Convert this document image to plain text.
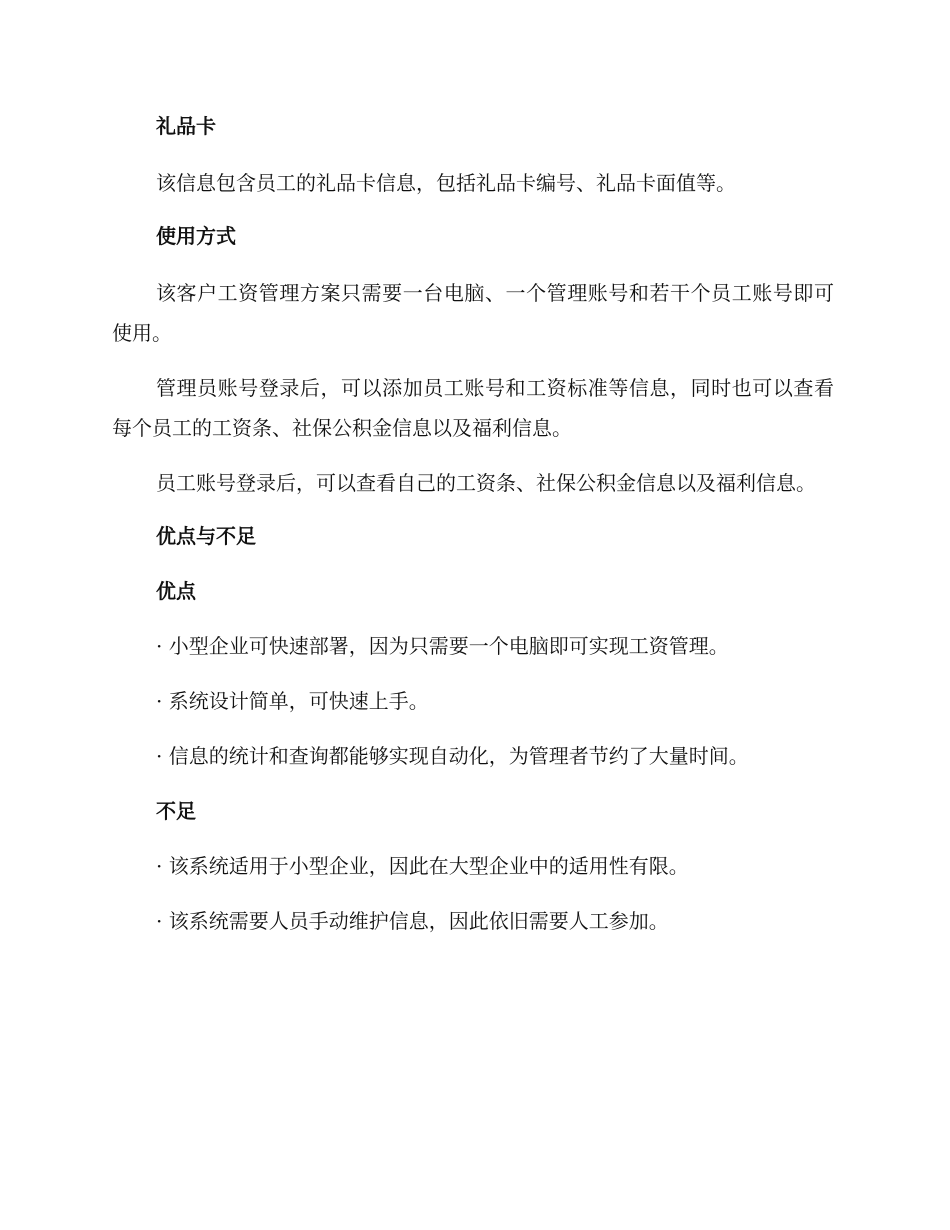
礼品卡

该信息包含员工的礼品卡信息，包括礼品卡编号、礼品卡面值等。

使用方式

该客户工资管理方案只需要一台电脑、一个管理账号和若干个员工账号即可使用。

管理员账号登录后，可以添加员工账号和工资标准等信息，同时也可以查看每个员工的工资条、社保公积金信息以及福利信息。

员工账号登录后，可以查看自己的工资条、社保公积金信息以及福利信息。

优点与不足
优点

· 小型企业可快速部署，因为只需要一个电脑即可实现工资管理。

· 系统设计简单，可快速上手。

· 信息的统计和查询都能够实现自动化，为管理者节约了大量时间。

不足

· 该系统适用于小型企业，因此在大型企业中的适用性有限。

· 该系统需要人员手动维护信息，因此依旧需要人工参加。
